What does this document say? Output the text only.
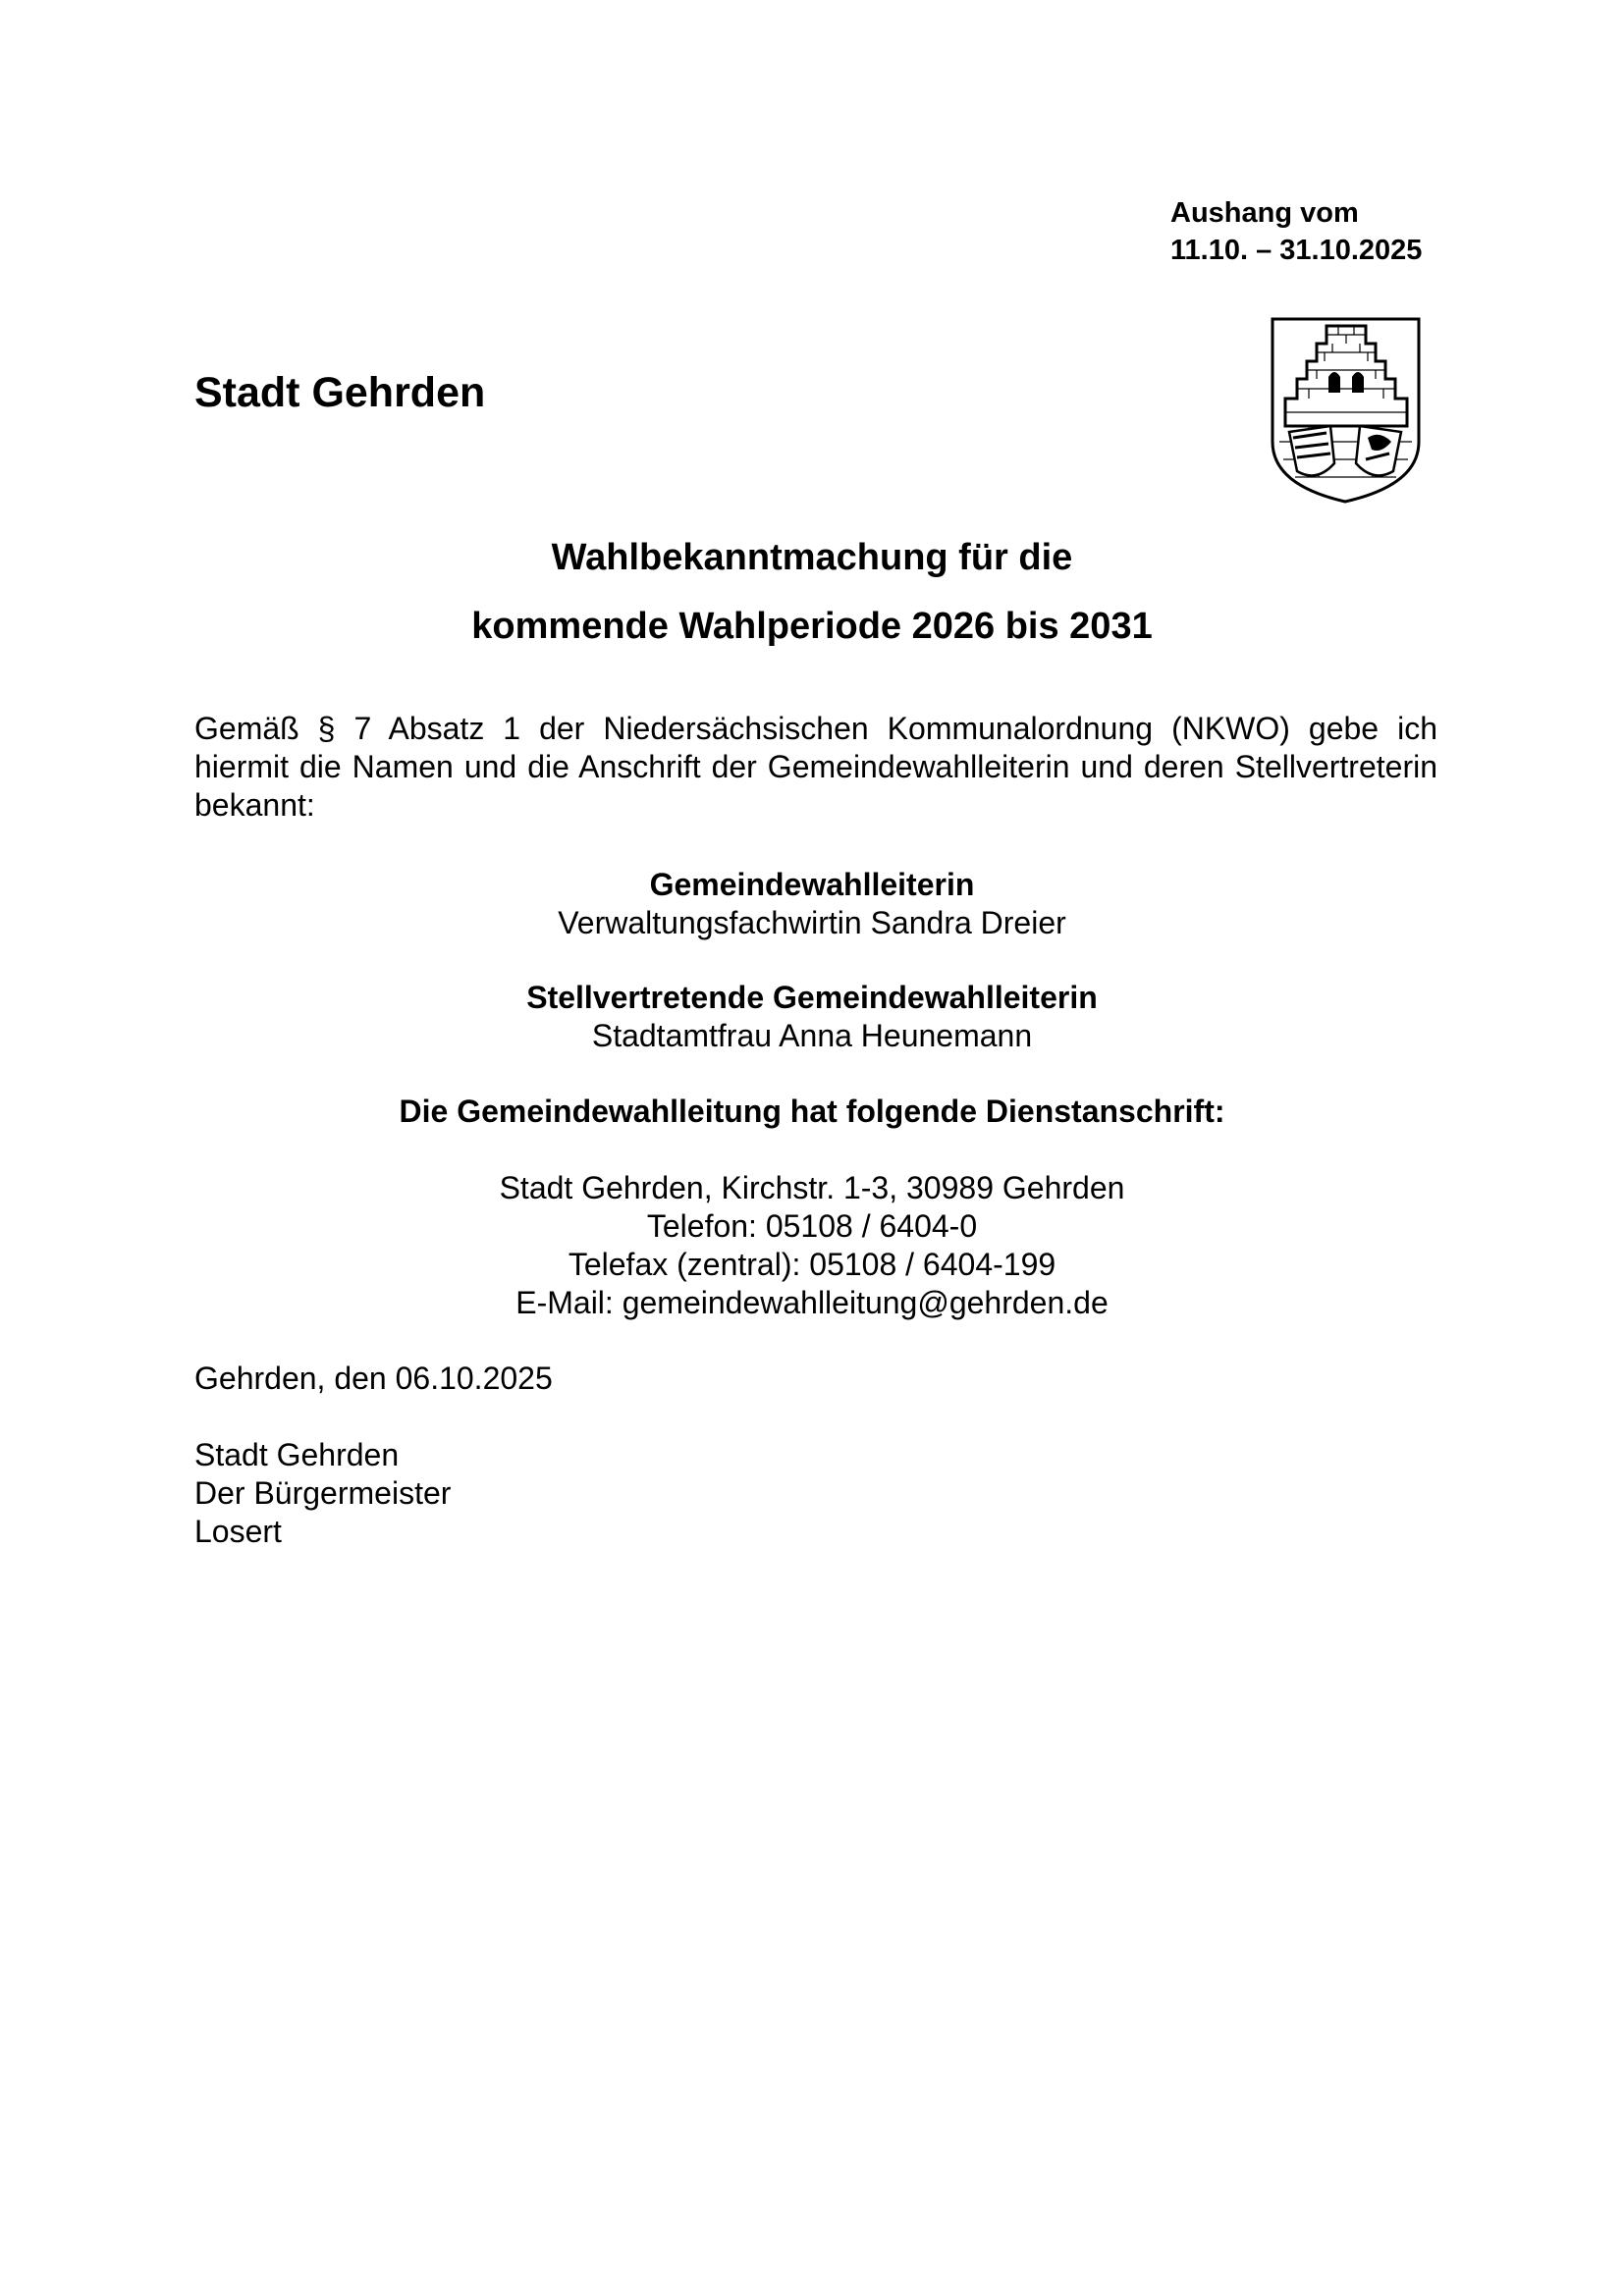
Aushang vom
11.10. – 31.10.2025
Stadt Gehrden
Wahlbekanntmachung für die
kommende Wahlperiode 2026 bis 2031
Gemäß § 7 Absatz 1 der Niedersächsischen Kommunalordnung (NKWO) gebe ich hiermit die Namen und die Anschrift der Gemeindewahlleiterin und deren Stellvertreterin bekannt:
Gemeindewahlleiterin
Verwaltungsfachwirtin Sandra Dreier
Stellvertretende Gemeindewahlleiterin
Stadtamtfrau Anna Heunemann
Die Gemeindewahlleitung hat folgende Dienstanschrift:
Stadt Gehrden, Kirchstr. 1-3, 30989 Gehrden
Telefon: 05108 / 6404-0
Telefax (zentral): 05108 / 6404-199
E-Mail: gemeindewahlleitung@gehrden.de
Gehrden, den 06.10.2025
Stadt Gehrden
Der Bürgermeister
Losert
